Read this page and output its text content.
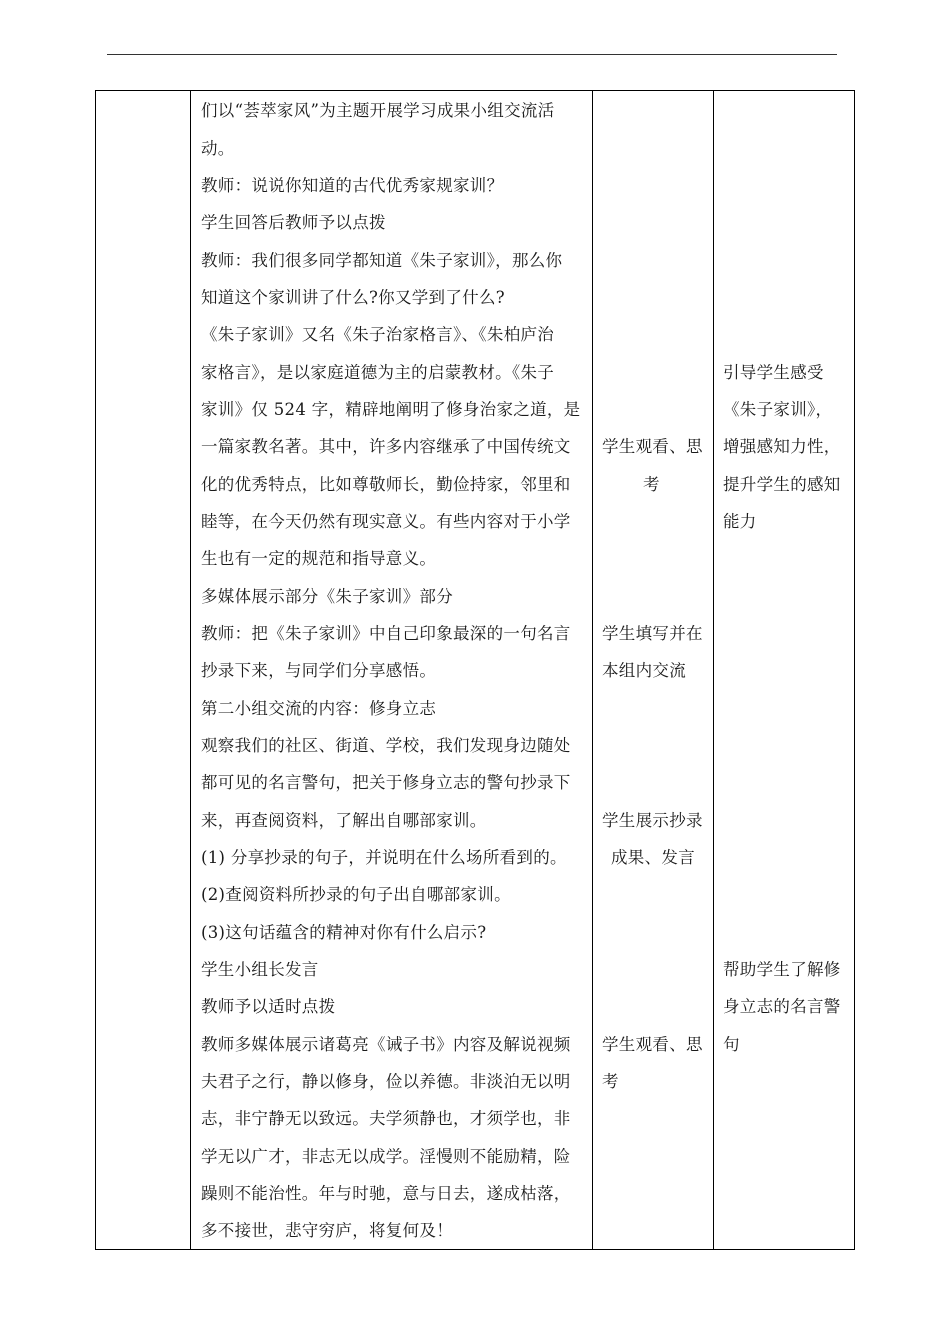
们以“荟萃家风”为主题开展学习成果小组交流活
动。
教师：说说你知道的古代优秀家规家训？
学生回答后教师予以点拨
教师：我们很多同学都知道《朱子家训》，那么你
知道这个家训讲了什么?你又学到了什么?
《朱子家训》又名《朱子治家格言》、《朱柏庐治
家格言》，是以家庭道德为主的启蒙教材。《朱子
家训》仅 524 字，精辟地阐明了修身治家之道，是
一篇家教名著。其中，许多内容继承了中国传统文
化的优秀特点，比如尊敬师长，勤俭持家，邻里和
睦等，在今天仍然有现实意义。有些内容对于小学
生也有一定的规范和指导意义。
多媒体展示部分《朱子家训》部分
教师：把《朱子家训》中自己印象最深的一句名言
抄录下来，与同学们分享感悟。
第二小组交流的内容：修身立志
观察我们的社区、街道、学校，我们发现身边随处
都可见的名言警句，把关于修身立志的警句抄录下
来，再查阅资料，了解出自哪部家训。
(1) 分享抄录的句子，并说明在什么场所看到的。
(2)查阅资料所抄录的句子出自哪部家训。
(3)这句话蕴含的精神对你有什么启示?
学生小组长发言
教师予以适时点拨
教师多媒体展示诸葛亮《诫子书》内容及解说视频
夫君子之行，静以修身，俭以养德。非淡泊无以明
志，非宁静无以致远。夫学须静也，才须学也，非
学无以广才，非志无以成学。淫慢则不能励精，险
躁则不能治性。年与时驰，意与日去，遂成枯落，
多不接世，悲守穷庐，将复何及！
学生观看、思
考
学生填写并在
本组内交流
学生展示抄录
成果、发言
学生观看、思
考
引导学生感受
《朱子家训》，
增强感知力性，
提升学生的感知
能力
帮助学生了解修
身立志的名言警
句
